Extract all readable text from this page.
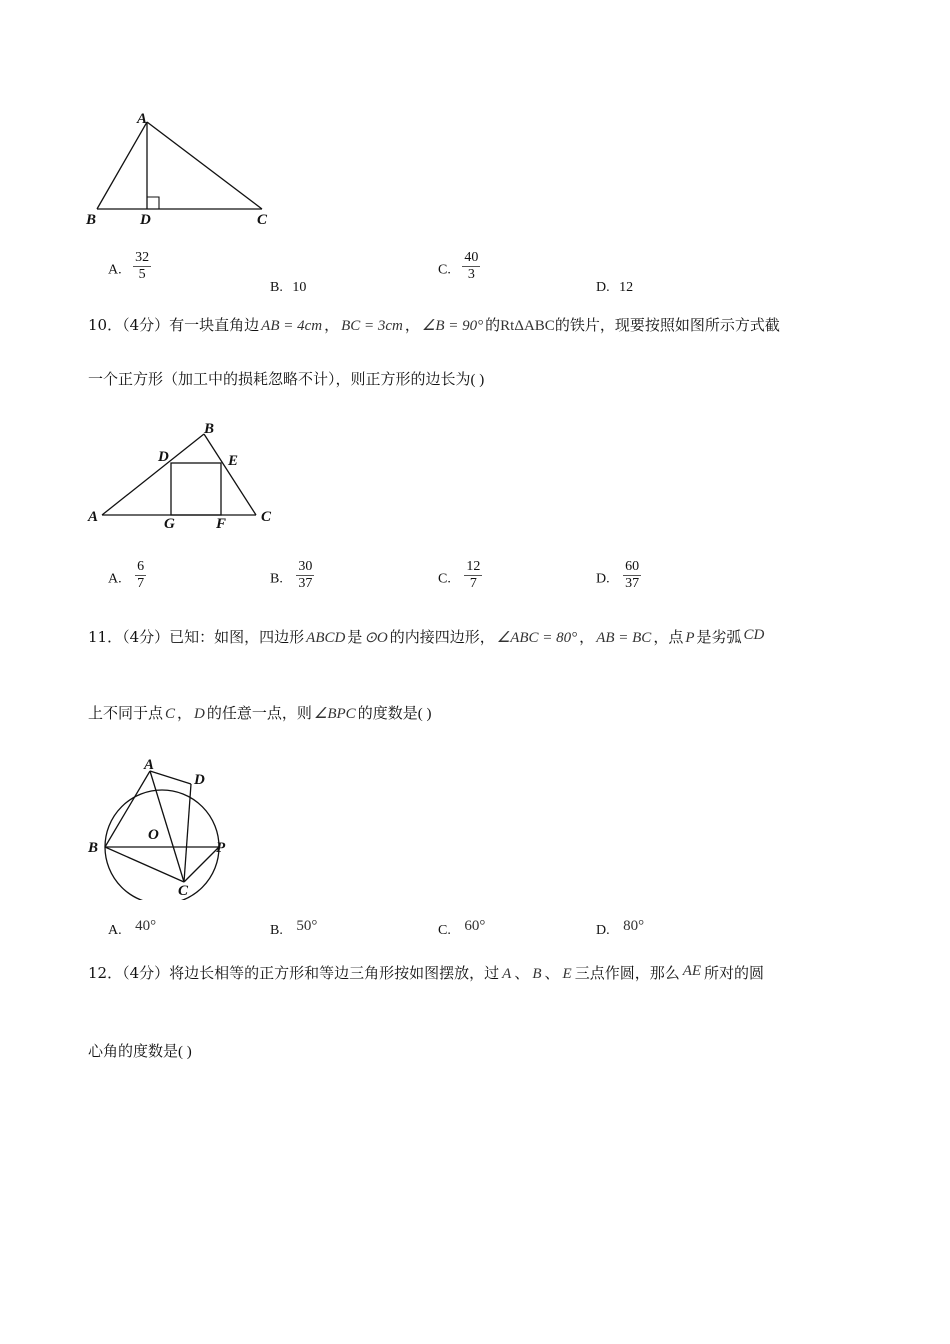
A
B	D	C
A. $\frac{32}{5}$
B. 10
C. $\frac{40}{3}$
D. 12
10．（4分）有一块直角边 AB = 4cm ， BC = 3cm ， ∠B = 90° 的RtΔABC的铁片，现要按照如图所示方式截
一个正方形（加工中的损耗忽略不计），则正方形的边长为( )
B
D	E
A	G	F C
A. $\frac{6}{7}$	B. $\frac{30}{37}$	C. $\frac{12}{7}$	D. $\frac{60}{37}$
11．（4分）已知：如图，四边形 ABCD 是 ⊙O 的内接四边形， ∠ABC = 80° ， AB = BC ，点 P 是劣弧 CD
上不同于点 C ， D 的任意一点，则 ∠BPC 的度数是( )
A
D
O
B	P
C
A. 40°	B. 50°	C. 60°	D. 80°
12．（4分）将边长相等的正方形和等边三角形按如图摆放，过 A 、 B 、 E 三点作圆，那么 AE 所对的圆
心角的度数是( )
